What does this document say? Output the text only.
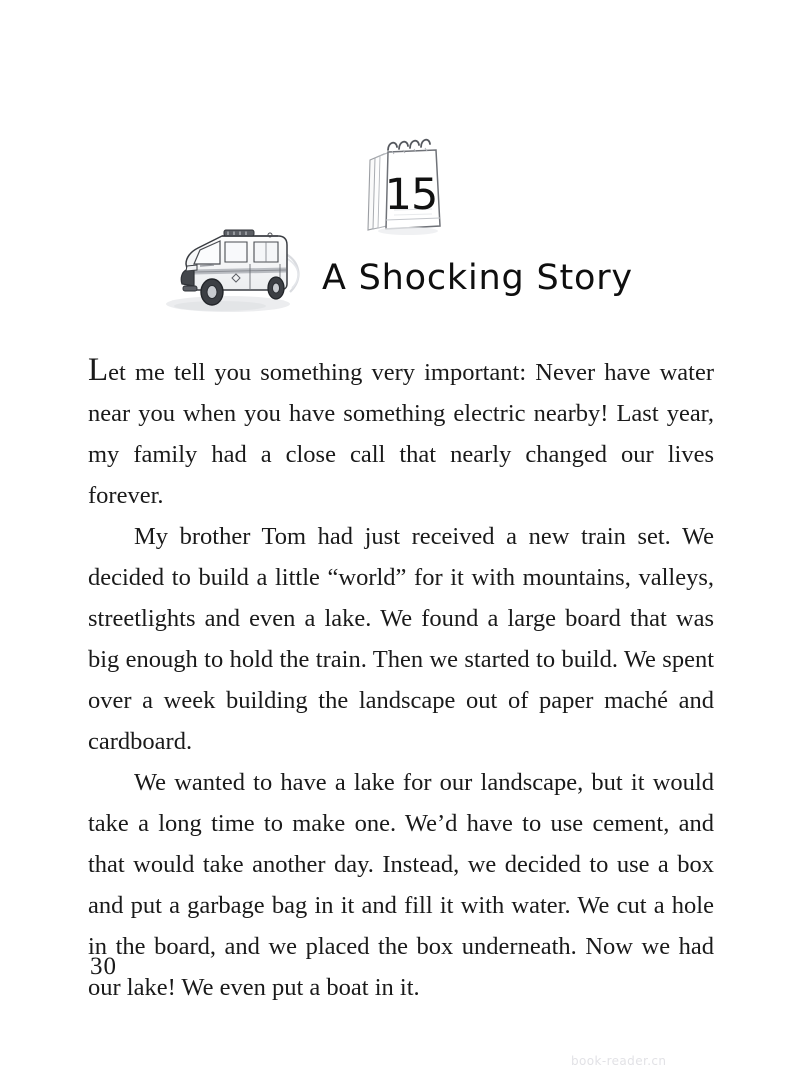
15
A Shocking Story

Let me tell you something very important: Never have water near you when you have something electric nearby! Last year, my family had a close call that nearly changed our lives forever.

My brother Tom had just received a new train set. We decided to build a little “world” for it with mountains, valleys, streetlights and even a lake. We found a large board that was big enough to hold the train. Then we started to build. We spent over a week building the landscape out of paper maché and cardboard.

We wanted to have a lake for our landscape, but it would take a long time to make one. We’d have to use cement, and that would take another day. Instead, we decided to use a box and put a garbage bag in it and fill it with water. We cut a hole in the board, and we placed the box underneath. Now we had our lake! We even put a boat in it.

30
book-reader.cn
